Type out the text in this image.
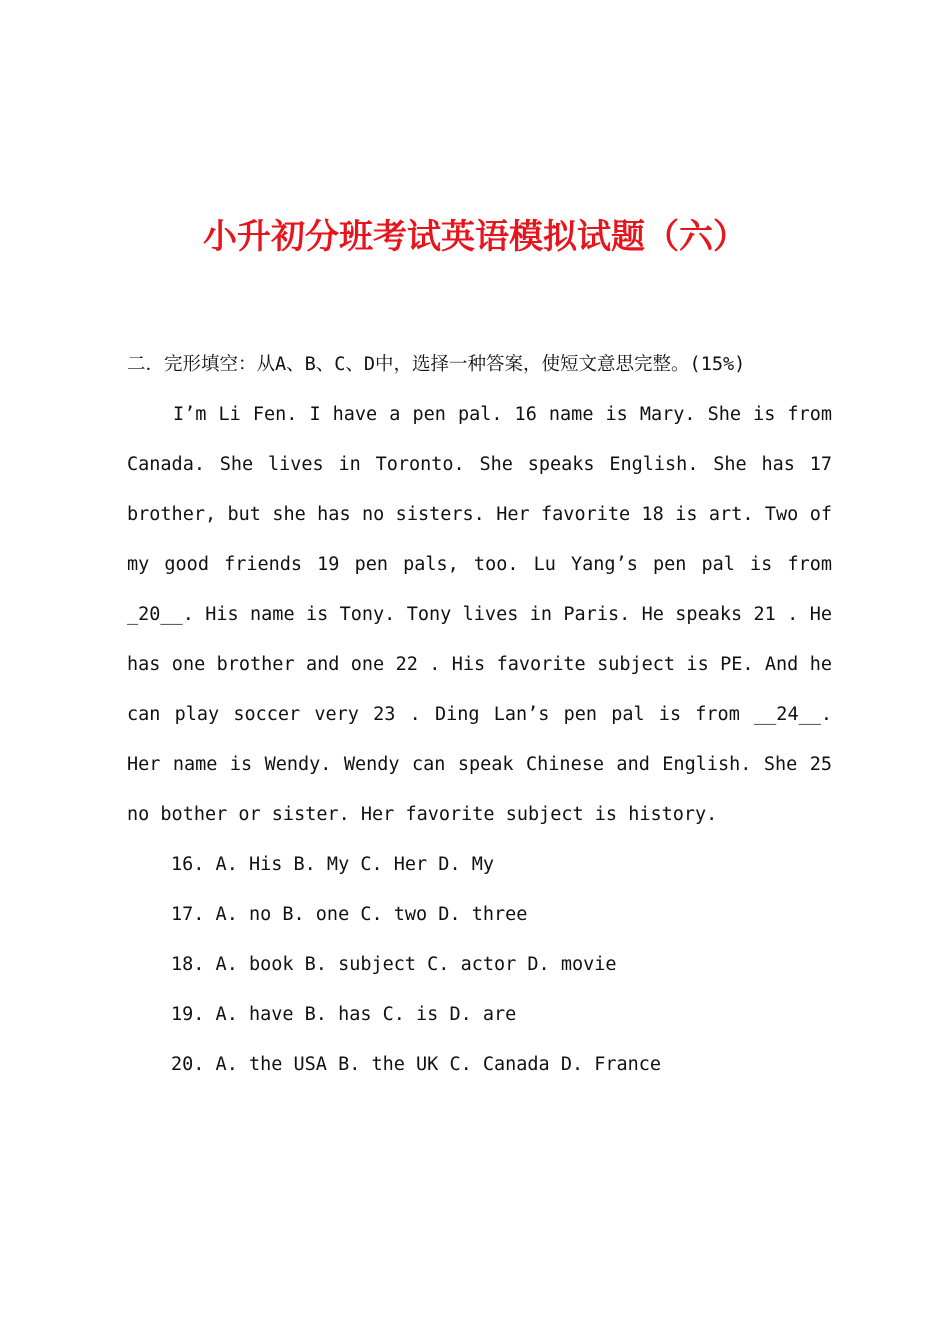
小升初分班考试英语模拟试题（六）

二．完形填空：从A、B、C、D中，选择一种答案，使短文意思完整。(15%)

I’m Li Fen. I have a pen pal. 16 name is Mary. She is from Canada. She lives in Toronto. She speaks English. She has 17 brother, but she has no sisters. Her favorite 18 is art. Two of my good friends 19 pen pals, too. Lu Yang’s pen pal is from _20__. His name is Tony. Tony lives in Paris. He speaks 21 . He has one brother and one 22 . His favorite subject is PE. And he can play soccer very 23 . Ding Lan’s pen pal is from __24__. Her name is Wendy. Wendy can speak Chinese and English. She 25 no bother or sister. Her favorite subject is history.

16. A. His B. My C. Her D. My
17. A. no B. one C. two D. three
18. A. book B. subject C. actor D. movie
19. A. have B. has C. is D. are
20. A. the USA B. the UK C. Canada D. France
